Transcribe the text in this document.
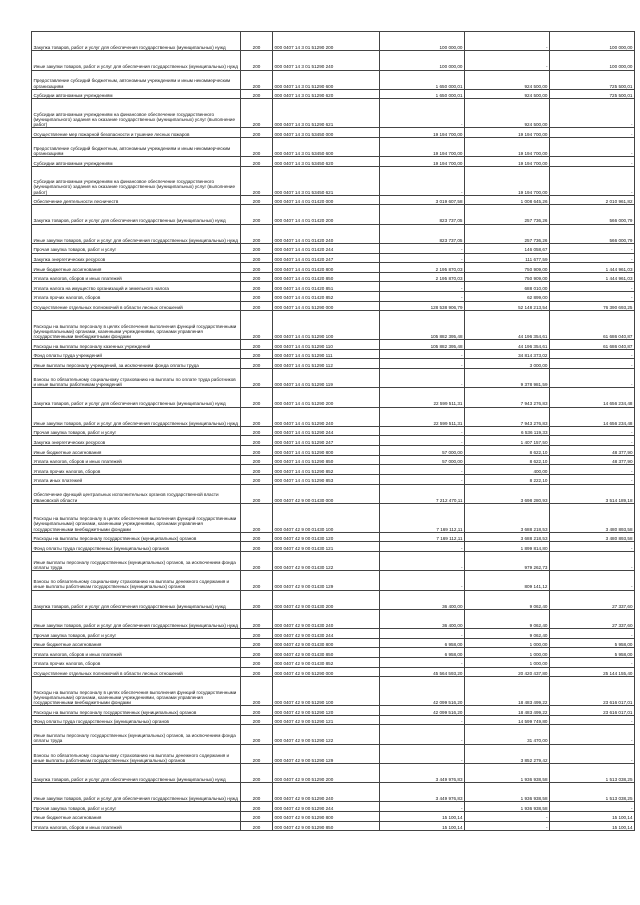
Закупка товаров, работ и услуг для обеспечения государственных (муниципальных) нужд	200	000 0407 14 3 01 51290 200	100 000,00	-	100 000,00
Иные закупки товаров, работ и услуг для обеспечения государственных (муниципальных) нужд	200	000 0407 14 3 01 51290 240	100 000,00	-	100 000,00
Предоставление субсидий бюджетным, автономным учреждениям и иным некоммерческим организациям	200	000 0407 14 3 01 51290 600	1 650 000,01	924 500,00	725 500,01
Субсидии автономным учреждениям	200	000 0407 14 3 01 51290 620	1 650 000,01	924 500,00	725 500,01
Субсидии автономным учреждениям на финансовое обеспечение государственного (муниципального) задания на оказание государственных (муниципальных) услуг (выполнение работ)	200	000 0407 14 3 01 51290 621	-	924 500,00	-
Осуществление мер пожарной безопасности и тушение лесных пожаров	200	000 0407 14 3 01 53450 000	19 194 700,00	19 194 700,00	-
Предоставление субсидий бюджетным, автономным учреждениям и иным некоммерческим организациям	200	000 0407 14 3 01 53450 600	19 194 700,00	19 194 700,00	-
Субсидии автономным учреждениям	200	000 0407 14 3 01 53450 620	19 194 700,00	19 194 700,00	-
Субсидии автономным учреждениям на финансовое обеспечение государственного (муниципального) задания на оказание государственных (муниципальных) услуг (выполнение работ)	200	000 0407 14 3 01 53450 621	-	19 194 700,00	-
Обеспечение деятельности лесничеств	200	000 0407 14 4 01 01420 000	3 019 607,58	1 008 645,26	2 010 961,82
Закупка товаров, работ и услуг для обеспечения государственных (муниципальных) нужд	200	000 0407 14 4 01 01420 200	823 737,05	257 736,26	566 000,79
Иные закупки товаров, работ и услуг для обеспечения государственных (муниципальных) нужд	200	000 0407 14 4 01 01420 240	823 737,05	257 736,26	566 000,79
Прочая закупка товаров, работ и услуг	200	000 0407 14 4 01 01420 244	-	146 058,67	-
Закупка энергетических ресурсов	200	000 0407 14 4 01 01420 247	-	111 677,59	-
Иные бюджетные ассигнования	200	000 0407 14 4 01 01420 800	2 195 870,03	750 909,00	1 444 961,03
Уплата налогов, сборов и иных платежей	200	000 0407 14 4 01 01420 850	2 195 870,03	750 909,00	1 444 961,03
Уплата налога на имущество организаций и земельного налога	200	000 0407 14 4 01 01420 851	-	688 010,00	-
Уплата прочих налогов, сборов	200	000 0407 14 4 01 01420 852	-	62 899,00	-
Осуществление отдельных полномочий в области лесных отношений	200	000 0407 14 4 01 51290 000	128 538 906,79	52 148 213,54	76 390 693,25
Расходы на выплаты персоналу в целях обеспечения выполнения функций государственными (муниципальными) органами, казенными учреждениями, органами управления государственными внебюджетными фондами	200	000 0407 14 4 01 51290 100	105 882 395,48	44 196 354,61	61 686 040,87
Расходы на выплаты персоналу казенных учреждений	200	000 0407 14 4 01 51290 110	105 882 395,48	44 196 354,61	61 686 040,87
Фонд оплаты труда учреждений	200	000 0407 14 4 01 51290 111	-	34 814 373,02	-
Иные выплаты персоналу учреждений, за исключением фонда оплаты труда	200	000 0407 14 4 01 51290 112	-	3 000,00	-
Взносы по обязательному социальному страхованию на выплаты по оплате труда работников и иные выплаты работникам учреждений	200	000 0407 14 4 01 51290 119	-	9 378 981,59	-
Закупка товаров, работ и услуг для обеспечения государственных (муниципальных) нужд	200	000 0407 14 4 01 51290 200	22 599 511,31	7 943 276,83	14 656 234,48
Иные закупки товаров, работ и услуг для обеспечения государственных (муниципальных) нужд	200	000 0407 14 4 01 51290 240	22 599 511,31	7 943 276,83	14 656 234,48
Прочая закупка товаров, работ и услуг	200	000 0407 14 4 01 51290 244	-	6 536 119,33	-
Закупка энергетических ресурсов	200	000 0407 14 4 01 51290 247	-	1 407 157,50	-
Иные бюджетные ассигнования	200	000 0407 14 4 01 51290 800	57 000,00	8 622,10	48 377,90
Уплата налогов, сборов и иных платежей	200	000 0407 14 4 01 51290 850	57 000,00	8 622,10	48 377,90
Уплата прочих налогов, сборов	200	000 0407 14 4 01 51290 852	-	400,00	-
Уплата иных платежей	200	000 0407 14 4 01 51290 853	-	8 222,10	-
Обеспечение функций центральных исполнительных органов государственной власти Ивановской области	200	000 0407 42 9 00 01430 000	7 212 470,11	3 698 280,93	3 514 189,18
Расходы на выплаты персоналу в целях обеспечения выполнения функций государственными (муниципальными) органами, казенными учреждениями, органами управления государственными внебюджетными фондами	200	000 0407 42 9 00 01430 100	7 169 112,11	3 688 218,53	3 480 893,58
Расходы на выплаты персоналу государственных (муниципальных) органов	200	000 0407 42 9 00 01430 120	7 169 112,11	3 688 218,53	3 480 893,58
Фонд оплаты труда государственных (муниципальных) органов	200	000 0407 42 9 00 01430 121	-	1 899 814,80	-
Иные выплаты персоналу государственных (муниципальных) органов, за исключением фонда оплаты труда	200	000 0407 42 9 00 01430 122	-	979 262,73	-
Взносы по обязательному социальному страхованию на выплаты денежного содержания и иные выплаты работникам государственных (муниципальных) органов	200	000 0407 42 9 00 01430 129	-	809 141,12	-
Закупка товаров, работ и услуг для обеспечения государственных (муниципальных) нужд	200	000 0407 42 9 00 01430 200	36 400,00	9 062,40	27 337,60
Иные закупки товаров, работ и услуг для обеспечения государственных (муниципальных) нужд	200	000 0407 42 9 00 01430 240	36 400,00	9 062,40	27 337,60
Прочая закупка товаров, работ и услуг	200	000 0407 42 9 00 01430 244	-	9 062,40	-
Иные бюджетные ассигнования	200	000 0407 42 9 00 01430 800	6 958,00	1 000,00	5 958,00
Уплата налогов, сборов и иных платежей	200	000 0407 42 9 00 01430 850	6 958,00	1 000,00	5 958,00
Уплата прочих налогов, сборов	200	000 0407 42 9 00 01430 852	-	1 000,00	-
Осуществление отдельных полномочий в области лесных отношений	200	000 0407 42 9 00 51290 000	45 564 593,20	20 420 437,80	25 144 155,40
Расходы на выплаты персоналу в целях обеспечения выполнения функций государственными (муниципальными) органами, казенными учреждениями, органами управления государственными внебюджетными фондами	200	000 0407 42 9 00 51290 100	42 099 516,20	18 483 499,22	23 616 017,01
Расходы на выплаты персоналу государственных (муниципальных) органов	200	000 0407 42 9 00 51290 120	42 099 516,20	18 483 499,22	23 616 017,01
Фонд оплаты труда государственных (муниципальных) органов	200	000 0407 42 9 00 51290 121	-	14 599 749,80	-
Иные выплаты персоналу государственных (муниципальных) органов, за исключением фонда оплаты труда	200	000 0407 42 9 00 51290 122	-	31 470,00	-
Взносы по обязательному социальному страхованию на выплаты денежного содержания и иные выплаты работникам государственных (муниципальных) органов	200	000 0407 42 9 00 51290 129	-	3 852 279,42	-
Закупка товаров, работ и услуг для обеспечения государственных (муниципальных) нужд	200	000 0407 42 9 00 51290 200	3 449 976,83	1 936 938,58	1 513 038,25
Иные закупки товаров, работ и услуг для обеспечения государственных (муниципальных) нужд	200	000 0407 42 9 00 51290 240	3 449 976,83	1 936 938,58	1 513 038,25
Прочая закупка товаров, работ и услуг	200	000 0407 42 9 00 51290 244	-	1 936 938,58	-
Иные бюджетные ассигнования	200	000 0407 42 9 00 51290 800	15 100,14	-	15 100,14
Уплата налогов, сборов и иных платежей	200	000 0407 42 9 00 51290 850	15 100,14	-	15 100,14
